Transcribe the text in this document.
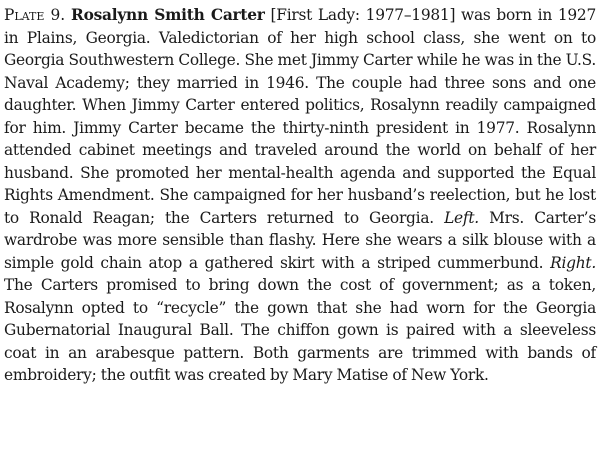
Plate 9. Rosalynn Smith Carter [First Lady: 1977–1981] was born in 1927 in Plains, Georgia. Valedictorian of her high school class, she went on to Georgia Southwestern College. She met Jimmy Carter while he was in the U.S. Naval Academy; they married in 1946. The couple had three sons and one daughter. When Jimmy Carter entered politics, Rosalynn readily campaigned for him. Jimmy Carter became the thirty-ninth president in 1977. Rosalynn attended cabinet meetings and traveled around the world on behalf of her husband. She promoted her mental-health agenda and supported the Equal Rights Amendment. She campaigned for her husband’s reelection, but he lost to Ronald Reagan; the Carters returned to Georgia. Left. Mrs. Carter’s wardrobe was more sensible than flashy. Here she wears a silk blouse with a simple gold chain atop a gathered skirt with a striped cummerbund. Right. The Carters promised to bring down the cost of government; as a token, Rosalynn opted to “recycle” the gown that she had worn for the Georgia Gubernatorial Inaugural Ball. The chiffon gown is paired with a sleeveless coat in an arabesque pattern. Both garments are trimmed with bands of embroidery; the outfit was created by Mary Matise of New York.
